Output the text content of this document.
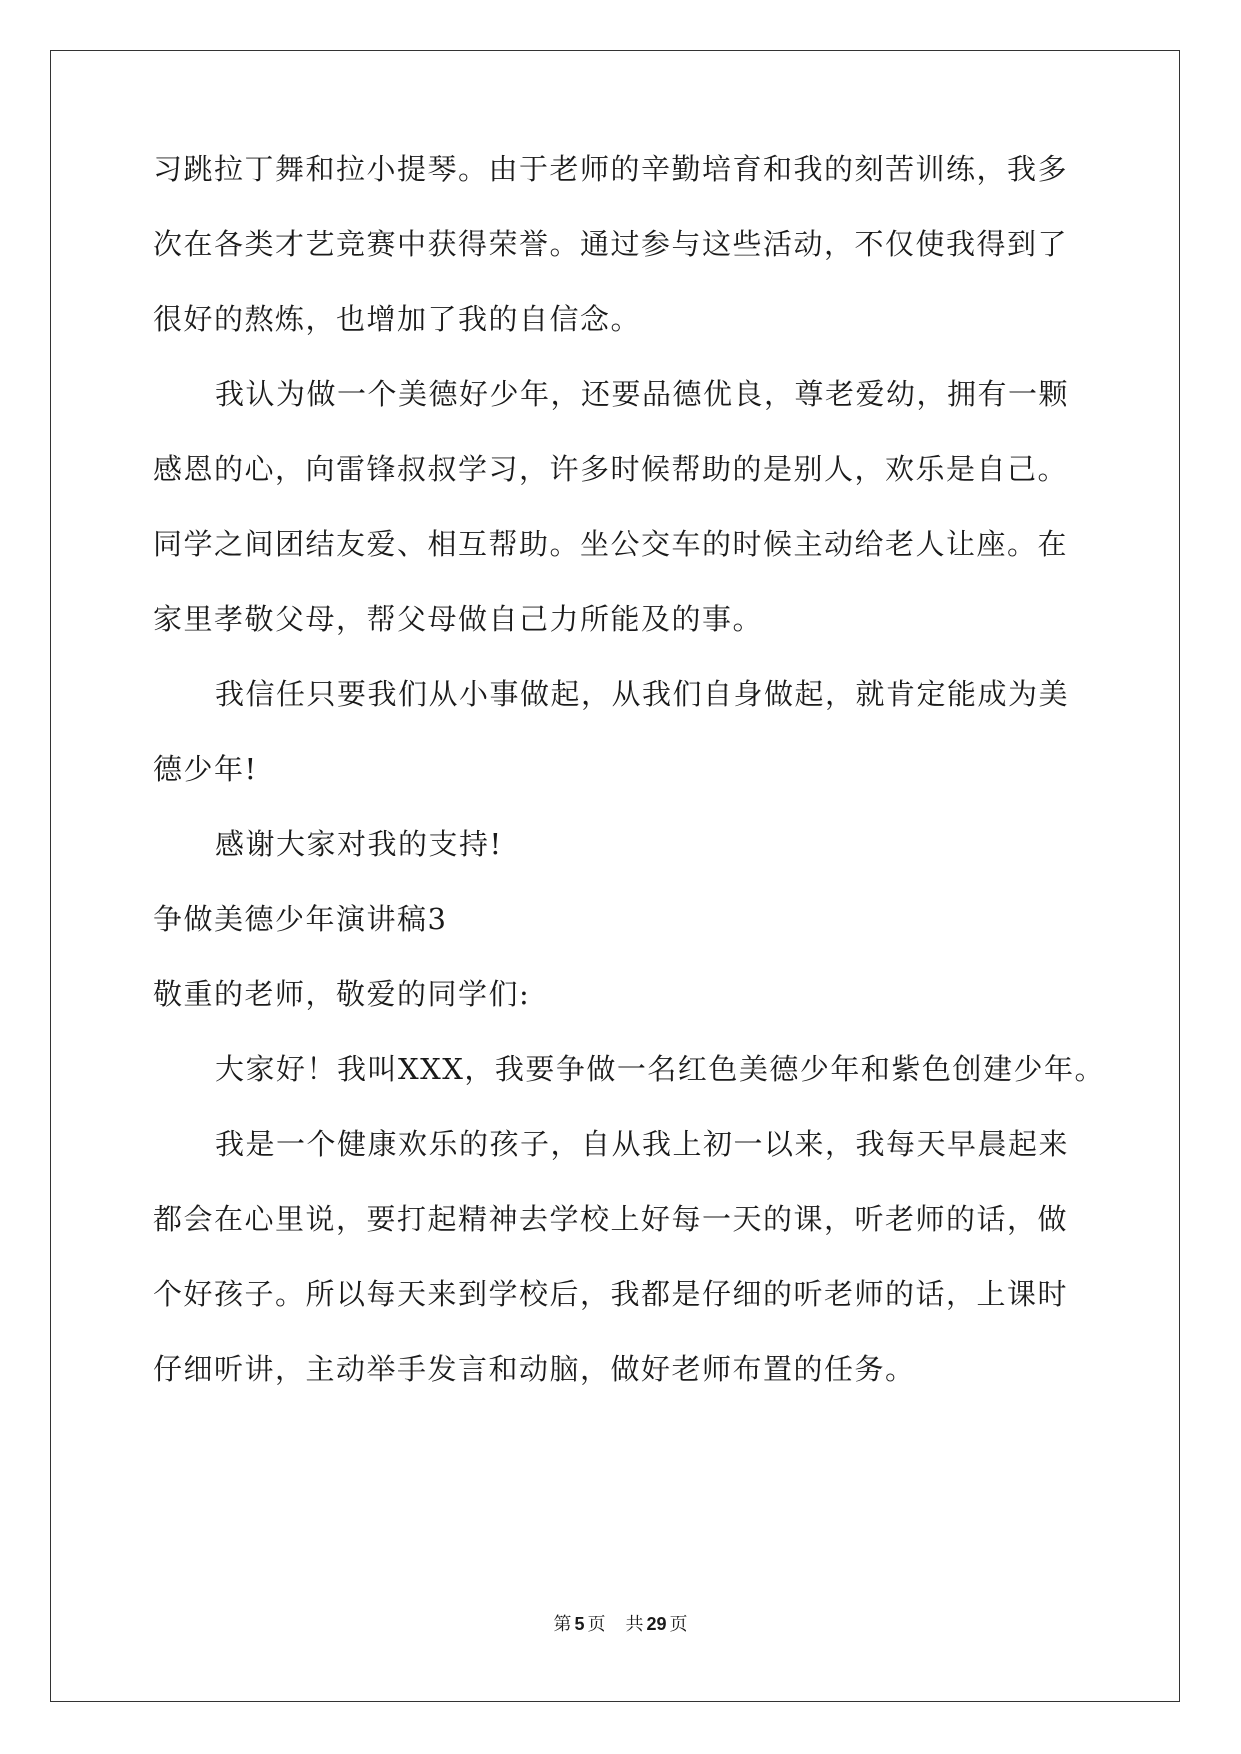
习跳拉丁舞和拉小提琴。由于老师的辛勤培育和我的刻苦训练，我多
次在各类才艺竞赛中获得荣誉。通过参与这些活动，不仅使我得到了
很好的熬炼，也增加了我的自信念。
我认为做一个美德好少年，还要品德优良，尊老爱幼，拥有一颗
感恩的心，向雷锋叔叔学习，许多时候帮助的是别人，欢乐是自己。
同学之间团结友爱、相互帮助。坐公交车的时候主动给老人让座。在
家里孝敬父母，帮父母做自己力所能及的事。
我信任只要我们从小事做起，从我们自身做起，就肯定能成为美
德少年!
感谢大家对我的支持!
争做美德少年演讲稿3
敬重的老师，敬爱的同学们:
大家好！我叫XXX，我要争做一名红色美德少年和紫色创建少年。
我是一个健康欢乐的孩子，自从我上初一以来，我每天早晨起来
都会在心里说，要打起精神去学校上好每一天的课，听老师的话，做
个好孩子。所以每天来到学校后，我都是仔细的听老师的话，上课时
仔细听讲，主动举手发言和动脑，做好老师布置的任务。
第 5 页 共 29 页
